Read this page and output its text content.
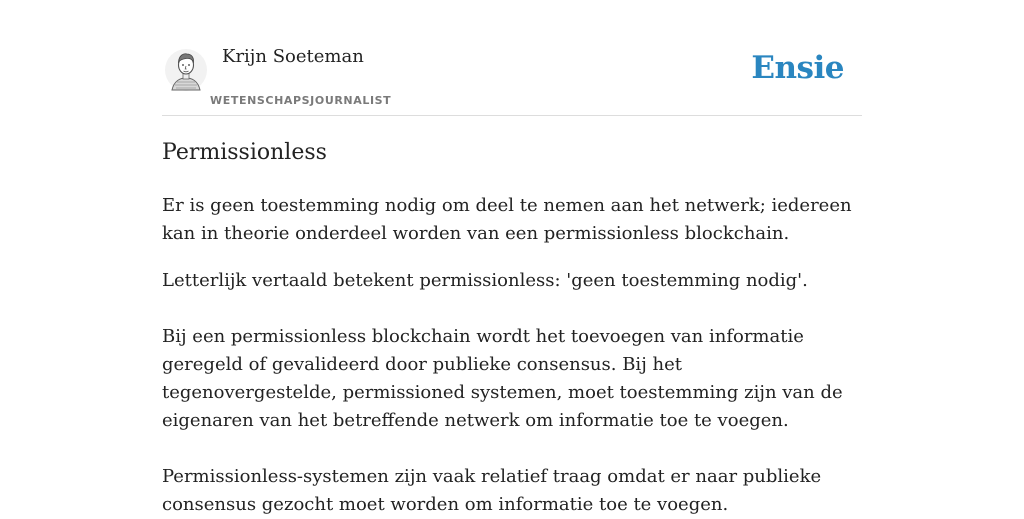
Krijn Soeteman
WETENSCHAPSJOURNALIST
Ensie
Permissionless

Er is geen toestemming nodig om deel te nemen aan het netwerk; iedereen kan in theorie onderdeel worden van een permissionless blockchain.

Letterlijk vertaald betekent permissionless: 'geen toestemming nodig'.

Bij een permissionless blockchain wordt het toevoegen van informatie geregeld of gevalideerd door publieke consensus. Bij het tegenovergestelde, permissioned systemen, moet toestemming zijn van de eigenaren van het betreffende netwerk om informatie toe te voegen.

Permissionless-systemen zijn vaak relatief traag omdat er naar publieke consensus gezocht moet worden om informatie toe te voegen.
